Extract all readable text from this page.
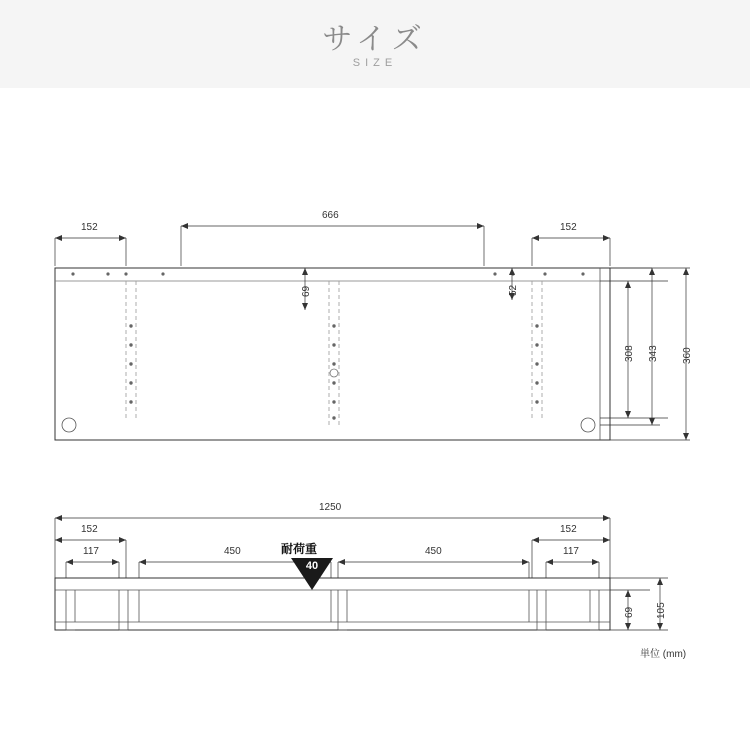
サイズ
SIZE
152
666
152
69	52
308 343 360
1250
152	152
117	450	450	117
69 105
耐荷重
40
単位 (mm)
